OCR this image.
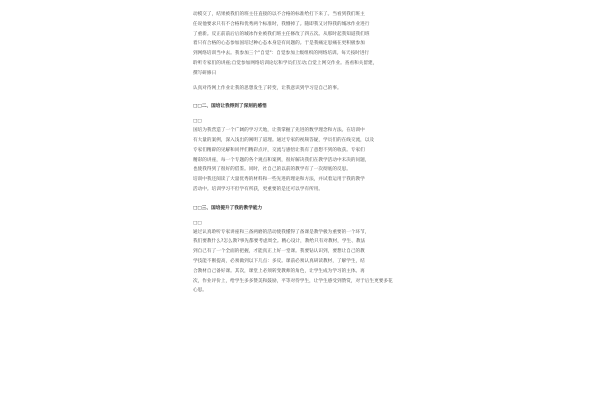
动模交了，结果被我们的班主任直接的以不合格的标准给打下来了。当看到我们班主

任说他要求只有不合格和优秀两个标准时，我懵掉了。随即我又讨得我的城冰作业进行

了重新。反正前前后后的城冰作业被我们班主任修改了四五次。从那时起我知道我们班

着只有合格的心态参加国培过种心态本身是有问题的。于是我痛定思痛在更积极参加

到网络培训当中去。我参加三个"自觉"：自觉参加上级组织的网络培训。每天按时进行

聆听专家们的讲座;自觉参加网络培训论坛和学员们互动;自觉上网交作业。查看和关留建，

撰写研修日

认真对待网上作业让我的思想发生了转变，让我意识到学习是自己的事。

□□二、国培让我得到了深刻的感悟

□□

国培为我营造了一个广阔的学习天地，让我掌握了先进的数学理念和方法。在培训中

有大量的案例，深入浅出的阐明了道理。通过专家的视频答疑，学员们的在线交流，以及

专家们精辟的见解和同伴们精彩点评，交流与感悟让我有了意想不到的收获。专家们

精彩的讲座，每一个专题的各个观点和案例，很好解决我们在教学活动中未决的问题，

也使我得到了很好的借鉴。同时，社自己的以前的教学有了一次彻底的反思。

培训中我还阅读了大量优秀的材料和一些先进的理论和方法，并试着运用于我的教学

活动中。培训学习不但学有所获，更重要的是还可以学有所用。

□□三、国培提升了我的教学能力

□□

通过认真聆听专家讲座和三备两磨的活动使我懂得了备课是教学极为重要的一个环节，

我们要教什么?怎么教?事先都要考虑周全。精心设计，教给只有对教材，学生、教法

到自己有了一个全面的把握，才能真正上好一堂课。我要钻认识到，要想让自己的教

学技能不断提高，必须做到以下几点：多反。课前必须认真研读教材，了解学生，结

合教材自己备好课。其次，课堂上必须转变教师的角色，让学生成为学习的主体。再

次，作业评价上，给学生多多赞美和鼓励，平等对待学生，让学生感受到赞赏，对于后生更要多花

心思。
